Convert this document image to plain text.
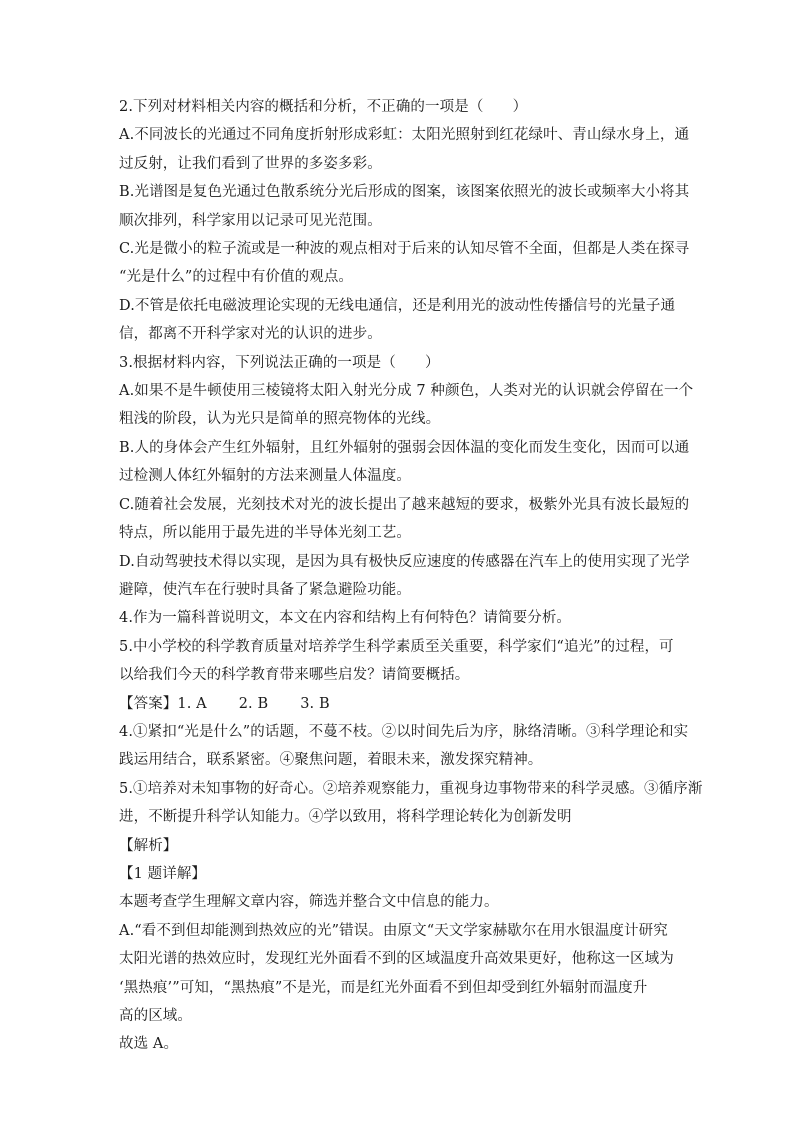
2.下列对材料相关内容的概括和分析，不正确的一项是（　　）
A.不同波长的光通过不同角度折射形成彩虹：太阳光照射到红花绿叶、青山绿水身上，通
过反射，让我们看到了世界的多姿多彩。
B.光谱图是复色光通过色散系统分光后形成的图案，该图案依照光的波长或频率大小将其
顺次排列，科学家用以记录可见光范围。
C.光是微小的粒子流或是一种波的观点相对于后来的认知尽管不全面，但都是人类在探寻
“光是什么”的过程中有价值的观点。
D.不管是依托电磁波理论实现的无线电通信，还是利用光的波动性传播信号的光量子通
信，都离不开科学家对光的认识的进步。
3.根据材料内容，下列说法正确的一项是（　　）
A.如果不是牛顿使用三棱镜将太阳入射光分成 7 种颜色，人类对光的认识就会停留在一个
粗浅的阶段，认为光只是简单的照亮物体的光线。
B.人的身体会产生红外辐射，且红外辐射的强弱会因体温的变化而发生变化，因而可以通
过检测人体红外辐射的方法来测量人体温度。
C.随着社会发展，光刻技术对光的波长提出了越来越短的要求，极紫外光具有波长最短的
特点，所以能用于最先进的半导体光刻工艺。
D.自动驾驶技术得以实现，是因为具有极快反应速度的传感器在汽车上的使用实现了光学
避障，使汽车在行驶时具备了紧急避险功能。
4.作为一篇科普说明文，本文在内容和结构上有何特色？请简要分析。
5.中小学校的科学教育质量对培养学生科学素质至关重要，科学家们“追光”的过程，可
以给我们今天的科学教育带来哪些启发？请简要概括。
【答案】1. A 2. B 3. B
4.①紧扣“光是什么”的话题，不蔓不枝。②以时间先后为序，脉络清晰。③科学理论和实
践运用结合，联系紧密。④聚焦问题，着眼未来，激发探究精神。
5.①培养对未知事物的好奇心。②培养观察能力，重视身边事物带来的科学灵感。③循序渐
进，不断提升科学认知能力。④学以致用，将科学理论转化为创新发明
【解析】
【1 题详解】
本题考查学生理解文章内容，筛选并整合文中信息的能力。
A.“看不到但却能测到热效应的光”错误。由原文“天文学家赫歇尔在用水银温度计研究
太阳光谱的热效应时，发现红光外面看不到的区域温度升高效果更好，他称这一区域为
‘黑热痕’”可知，“黑热痕”不是光，而是红光外面看不到但却受到红外辐射而温度升
高的区域。
故选 A。
